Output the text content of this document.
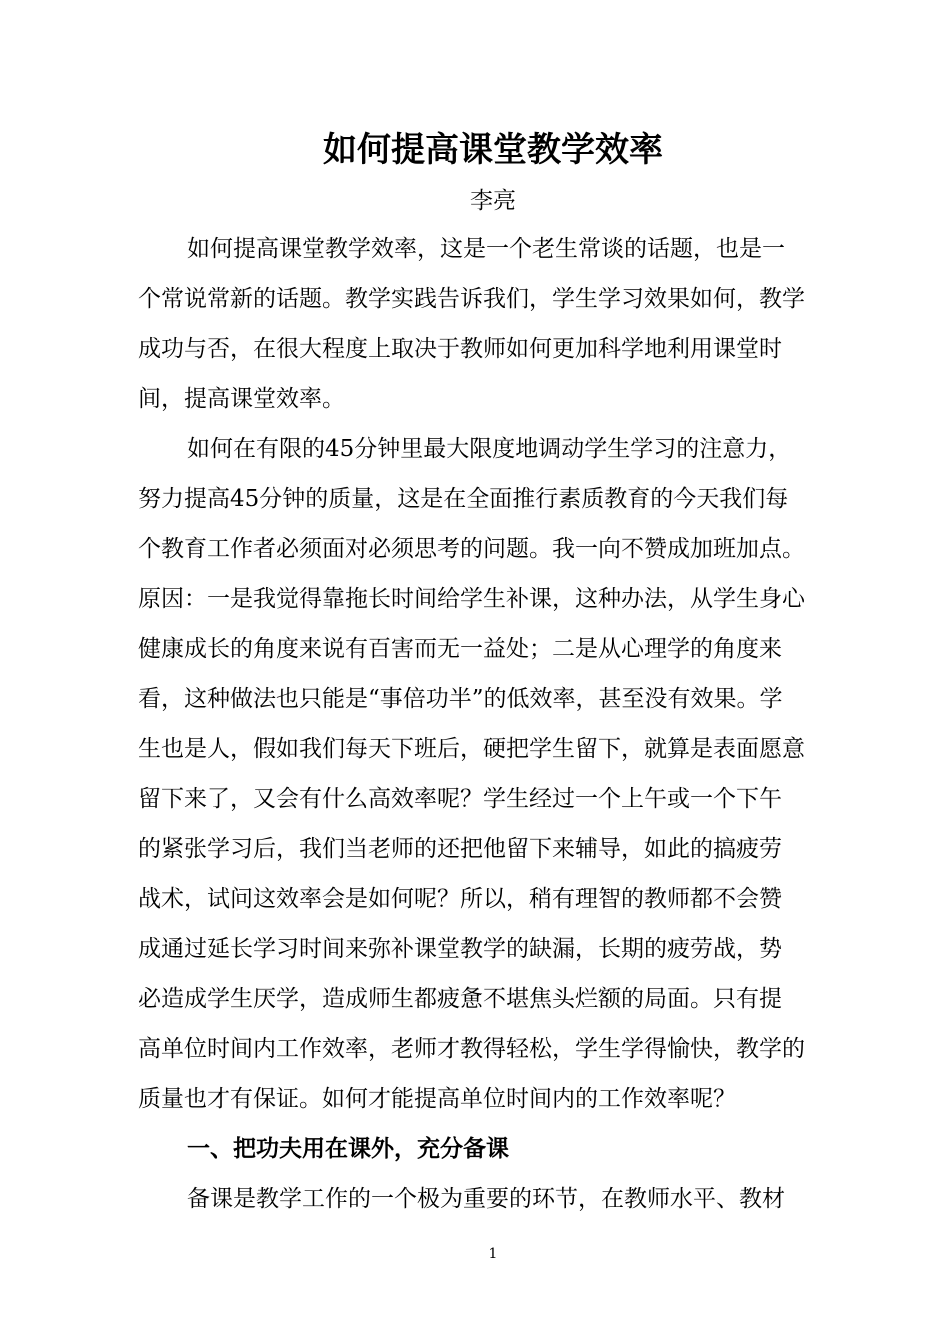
如何提高课堂教学效率
李亮
如何提高课堂教学效率，这是一个老生常谈的话题，也是一
个常说常新的话题。教学实践告诉我们，学生学习效果如何，教学
成功与否，在很大程度上取决于教师如何更加科学地利用课堂时
间，提高课堂效率。
如何在有限的45分钟里最大限度地调动学生学习的注意力，
努力提高45分钟的质量，这是在全面推行素质教育的今天我们每
个教育工作者必须面对必须思考的问题。我一向不赞成加班加点。
原因：一是我觉得靠拖长时间给学生补课，这种办法，从学生身心
健康成长的角度来说有百害而无一益处；二是从心理学的角度来
看，这种做法也只能是“事倍功半”的低效率，甚至没有效果。学
生也是人，假如我们每天下班后，硬把学生留下，就算是表面愿意
留下来了，又会有什么高效率呢？学生经过一个上午或一个下午
的紧张学习后，我们当老师的还把他留下来辅导，如此的搞疲劳
战术，试问这效率会是如何呢？所以，稍有理智的教师都不会赞
成通过延长学习时间来弥补课堂教学的缺漏，长期的疲劳战，势
必造成学生厌学，造成师生都疲惫不堪焦头烂额的局面。只有提
高单位时间内工作效率，老师才教得轻松，学生学得愉快，教学的
质量也才有保证。如何才能提高单位时间内的工作效率呢？
一、把功夫用在课外，充分备课
备课是教学工作的一个极为重要的环节，在教师水平、教材
1
